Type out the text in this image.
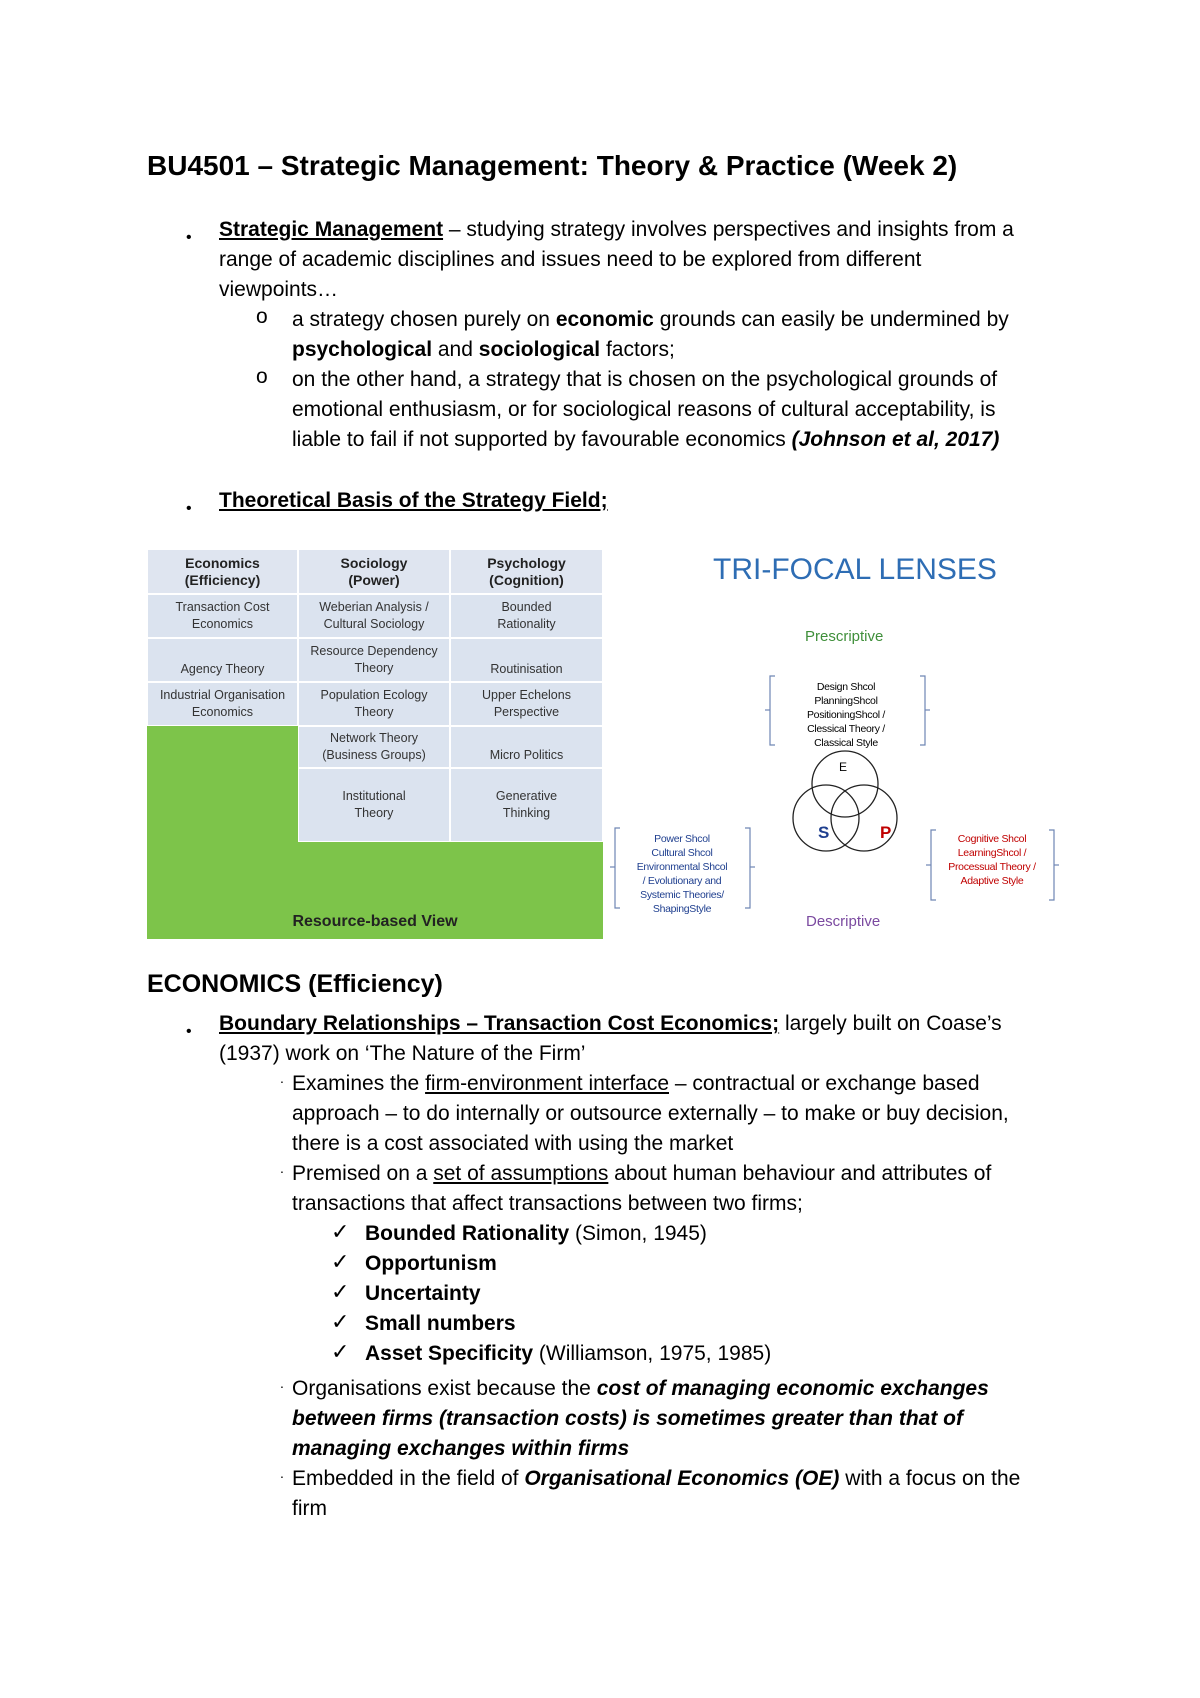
BU4501 – Strategic Management: Theory & Practice (Week 2)
• Strategic Management – studying strategy involves perspectives and insights from a
range of academic disciplines and issues need to be explored from different
viewpoints…
o a strategy chosen purely on economic grounds can easily be undermined by
psychological and sociological factors;
o on the other hand, a strategy that is chosen on the psychological grounds of
emotional enthusiasm, or for sociological reasons of cultural acceptability, is
liable to fail if not supported by favourable economics (Johnson et al, 2017)
• Theoretical Basis of the Strategy Field;
Economics
(Efficiency)
Sociology
(Power)
Psychology
(Cognition)
Transaction Cost
Economics
Agency Theory
Industrial Organisation
Economics
Weberian Analysis /
Cultural Sociology
Resource Dependency
Theory
Population Ecology
Theory
Network Theory
(Business Groups)
Institutional
Theory
Bounded
Rationality
Routinisation
Upper Echelons
Perspective
Micro Politics
Generative
Thinking
Resource-based View
TRI-FOCAL LENSES
Prescriptive
Descriptive
E
S	P
Design Shcol
PlanningShcol
PositioningShcol /
Clessical Theory /
Classical Style
Power Shcol
Cultural Shcol
Environmental Shcol
/ Evolutionary and
Systemic Theories/
ShapingStyle
Cognitive Shcol
LearningShcol /
Processual Theory /
Adaptive Style
ECONOMICS (Efficiency)
• Boundary Relationships – Transaction Cost Economics; largely built on Coase’s
(1937) work on ‘The Nature of the Firm’
. Examines the firm-environment interface – contractual or exchange based
approach – to do internally or outsource externally – to make or buy decision,
there is a cost associated with using the market
. Premised on a set of assumptions about human behaviour and attributes of
transactions that affect transactions between two firms;
✓ Bounded Rationality (Simon, 1945)
✓ Opportunism
✓ Uncertainty
✓ Small numbers
✓ Asset Specificity (Williamson, 1975, 1985)
. Organisations exist because the cost of managing economic exchanges
between firms (transaction costs) is sometimes greater than that of
managing exchanges within firms
. Embedded in the field of Organisational Economics (OE) with a focus on the
firm
